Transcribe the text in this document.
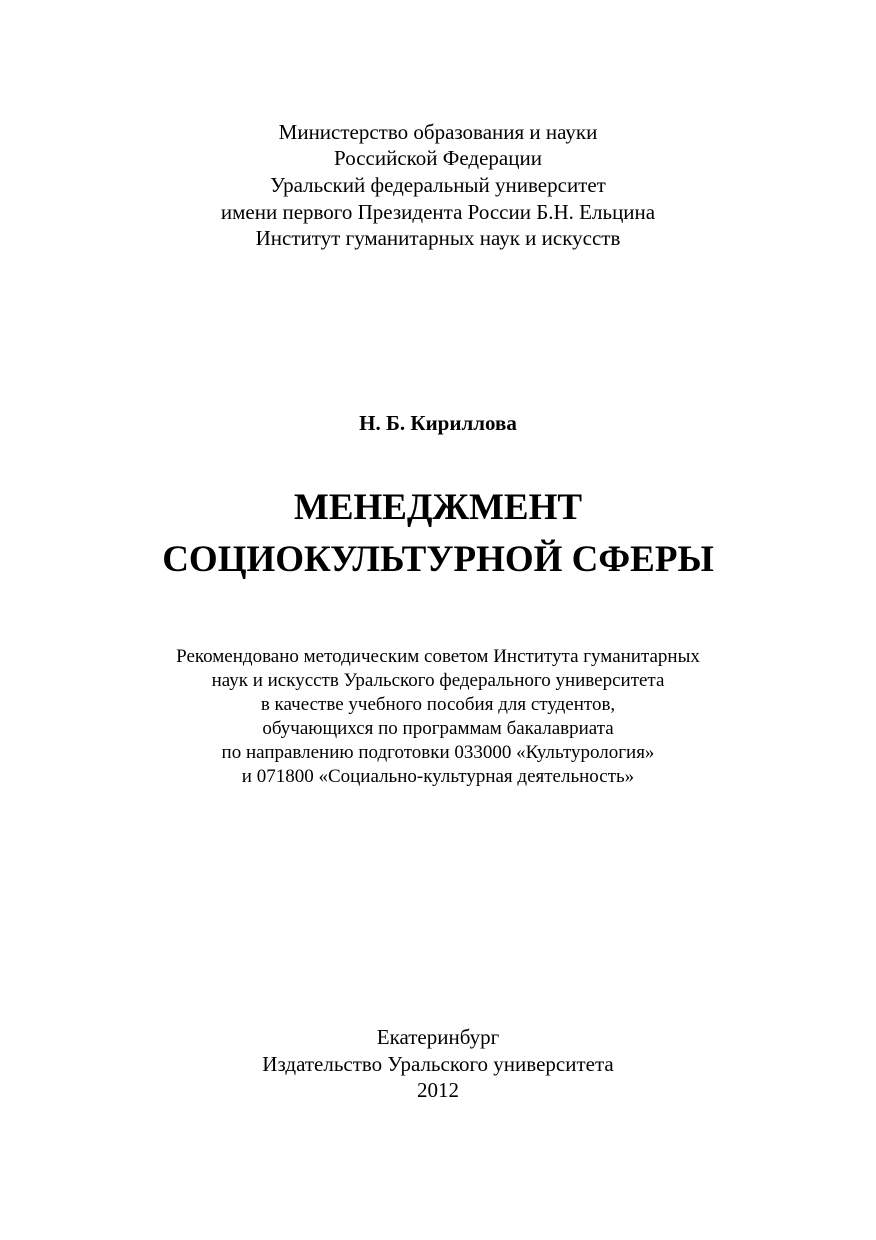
Министерство образования и науки
Российской Федерации
Уральский федеральный университет
имени первого Президента России Б.Н. Ельцина
Институт гуманитарных наук и искусств
Н. Б. Кириллова
МЕНЕДЖМЕНТ
СОЦИОКУЛЬТУРНОЙ СФЕРЫ
Рекомендовано методическим советом Института гуманитарных
наук и искусств Уральского федерального университета
в качестве учебного пособия для студентов,
обучающихся по программам бакалавриата
по направлению подготовки 033000 «Культурология»
и 071800 «Социально-культурная деятельность»
Екатеринбург
Издательство Уральского университета
2012
